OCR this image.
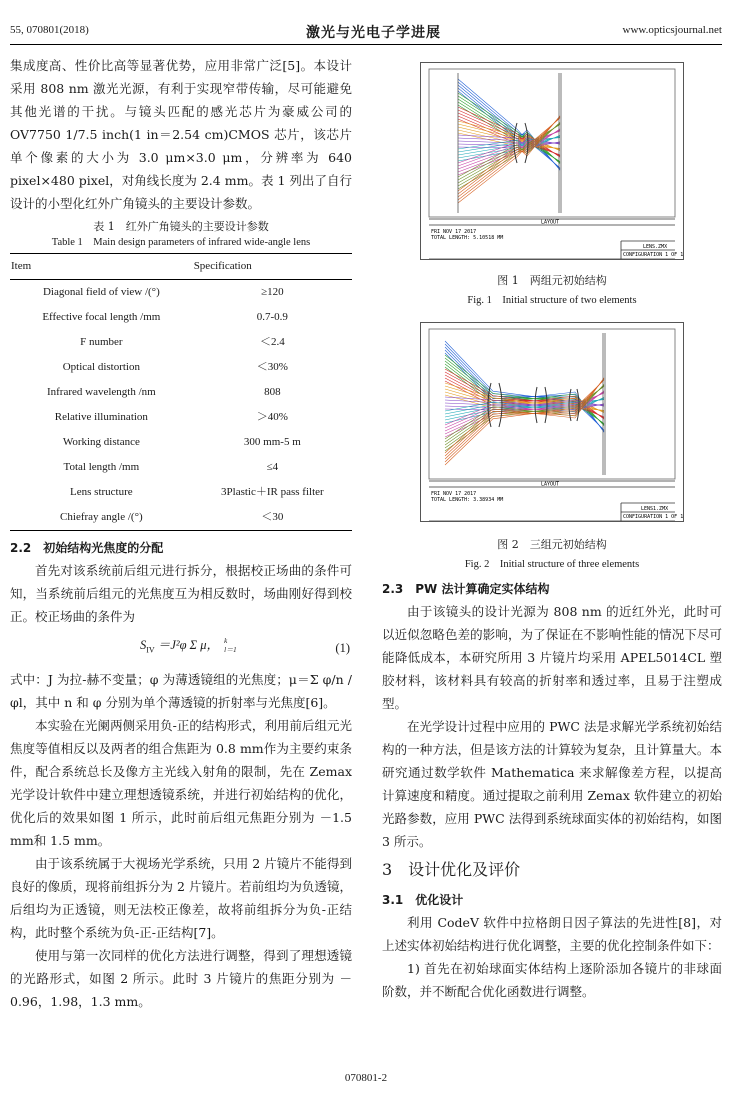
55, 070801(2018)	激光与光电子学进展	www.opticsjournal.net

集成度高、性价比高等显著优势，应用非常广泛[5]。本设计采用 808 nm 激光光源，有利于实现窄带传输，尽可能避免其他光谱的干扰。与镜头匹配的感光芯片为豪威公司的 OV7750 1/7.5 inch(1 in＝2.54 cm)CMOS 芯片，该芯片单个像素的大小为 3.0 μm×3.0 μm，分辨率为 640 pixel×480 pixel，对角线长度为 2.4 mm。表 1 列出了自行设计的小型化红外广角镜头的主要设计参数。

表 1　红外广角镜头的主要设计参数
Table 1　Main design parameters of infrared wide-angle lens
Item	Specification
Diagonal field of view /(°)	≥120
Effective focal length /mm	0.7-0.9
F number	＜2.4
Optical distortion	＜30%
Infrared wavelength /nm	808
Relative illumination	＞40%
Working distance	300 mm-5 m
Total length /mm	≤4
Lens structure	3Plastic＋IR pass filter
Chiefray angle /(°)	＜30
2.2　初始结构光焦度的分配

首先对该系统前后组元进行拆分，根据校正场曲的条件可知，当系统前后组元的光焦度互为相反数时，场曲刚好得到校正。校正场曲的条件为

$S_{IV} =J^2\varphi$ Σ μ， k
l＝1	(1)

式中：J 为拉-赫不变量；φ 为薄透镜组的光焦度；μ＝Σ φ/n /φl，其中 n 和 φ 分别为单个薄透镜的折射率与光焦度[6]。

本实验在光阑两侧采用负-正的结构形式，利用前后组元光焦度等值相反以及两者的组合焦距为 0.8 mm作为主要约束条件，配合系统总长及像方主光线入射角的限制，先在 Zemax 光学设计软件中建立理想透镜系统，并进行初始结构的优化，优化后的效果如图 1 所示，此时前后组元焦距分别为 －1.5 mm和 1.5 mm。

由于该系统属于大视场光学系统，只用 2 片镜片不能得到良好的像质，现将前组拆分为 2 片镜片。若前组均为负透镜，后组均为正透镜，则无法校正像差，故将前组拆分为负-正结构，此时整个系统为负-正-正结构[7]。

使用与第一次同样的优化方法进行调整，得到了理想透镜的光路形式，如图 2 所示。此时 3 片镜片的焦距分别为 －0.96，1.98，1.3 mm。

LAYOUT
FRI NOV 17 2017
TOTAL LENGTH: 5.10518 MM
LENS.ZMX
CONFIGURATION 1 OF 1
图 1　两组元初始结构
Fig. 1　Initial structure of two elements
LAYOUT
FRI NOV 17 2017
TOTAL LENGTH: 3.38934 MM
LENS1.ZMX
CONFIGURATION 1 OF 1
图 2　三组元初始结构
Fig. 2　Initial structure of three elements
2.3　PW 法计算确定实体结构

由于该镜头的设计光源为 808 nm 的近红外光，此时可以近似忽略色差的影响，为了保证在不影响性能的情况下尽可能降低成本，本研究所用 3 片镜片均采用 APEL5014CL 塑胶材料，该材料具有较高的折射率和透过率，且易于注塑成型。

在光学设计过程中应用的 PWC 法是求解光学系统初始结构的一种方法，但是该方法的计算较为复杂，且计算量大。本研究通过数学软件 Mathematica 来求解像差方程，以提高计算速度和精度。通过提取之前利用 Zemax 软件建立的初始光路参数，应用 PWC 法得到系统球面实体的初始结构，如图 3 所示。

3　设计优化及评价
3.1　优化设计

利用 CodeV 软件中拉格朗日因子算法的先进性[8]，对上述实体初始结构进行优化调整，主要的优化控制条件如下：

1) 首先在初始球面实体结构上逐阶添加各镜片的非球面阶数，并不断配合优化函数进行调整。

070801-2
